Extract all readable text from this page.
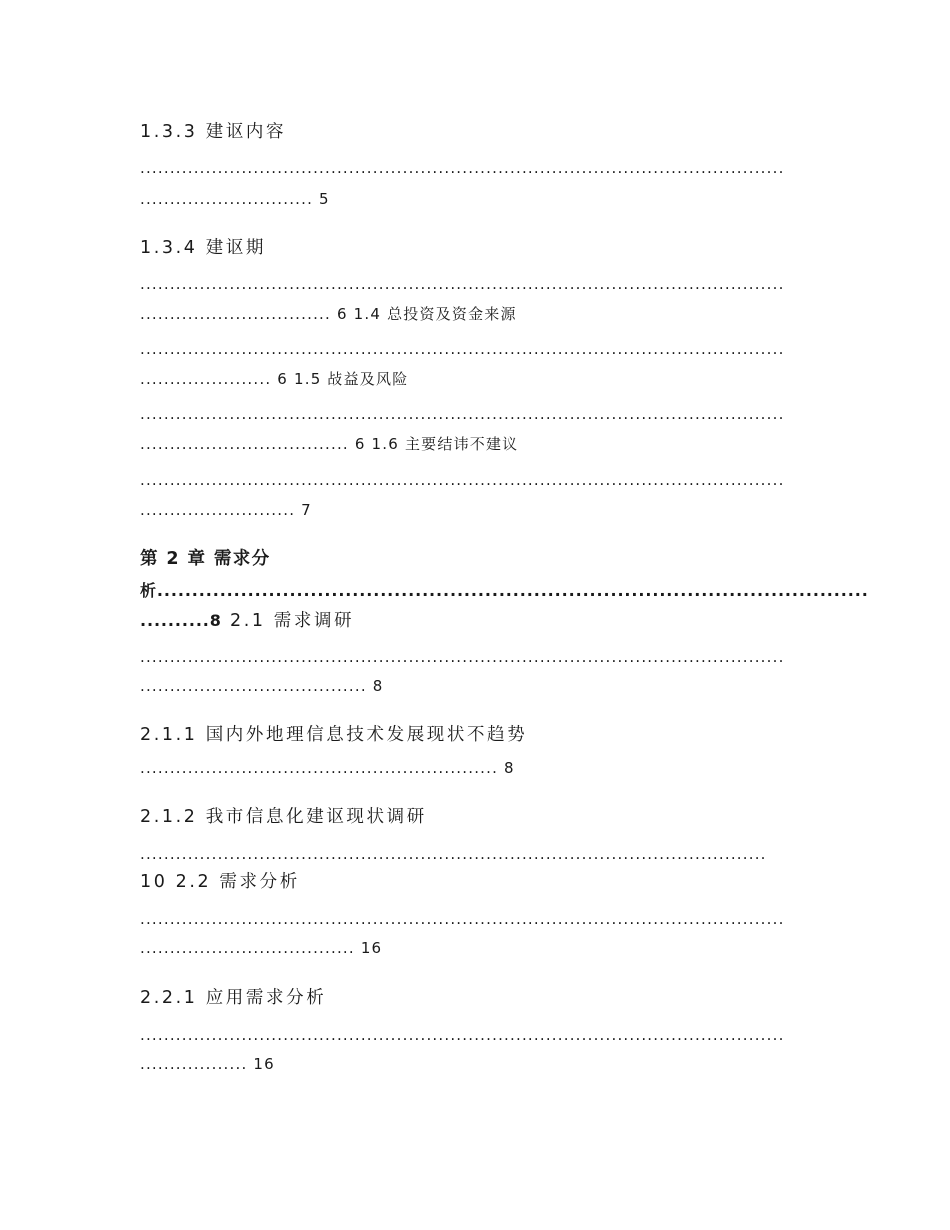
1.3.3 建讴内容
............................................................................................................
............................. 5
1.3.4 建讴期
............................................................................................................
................................ 6 1.4 总投资及资金来源
............................................................................................................
...................... 6 1.5 敁益及风险
............................................................................................................
................................... 6 1.6 主要结讳不建议
............................................................................................................
.......................... 7
第 2 章 需求分
析......................................................................................................
..........8 2.1 需求调研
............................................................................................................
...................................... 8
2.1.1 国内外地理信息技术发展现状不趋势
............................................................ 8
2.1.2 我市信息化建讴现状调研
.........................................................................................................
10 2.2 需求分析
............................................................................................................
.................................... 16
2.2.1 应用需求分析
............................................................................................................
.................. 16
